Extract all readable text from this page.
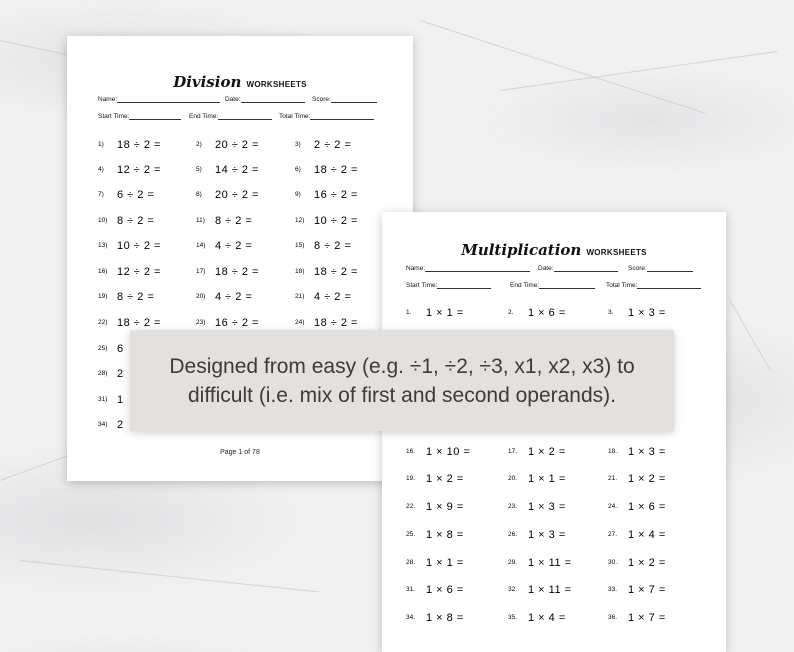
Division WORKSHEETS
Name:	Date:	Score:
Start Time:	End Time:	Total Time:
1) 18 ÷ 2 =	2) 20 ÷ 2 =	3) 2 ÷ 2 =
4) 12 ÷ 2 =	5) 14 ÷ 2 =	6) 18 ÷ 2 =
7) 6 ÷ 2 =	8) 20 ÷ 2 =	9) 16 ÷ 2 =
10) 8 ÷ 2 =	11) 8 ÷ 2 =	12) 10 ÷ 2 =
13) 10 ÷ 2 =	14) 4 ÷ 2 =	15) 8 ÷ 2 =
16) 12 ÷ 2 =	17) 18 ÷ 2 =	18) 18 ÷ 2 =
19) 8 ÷ 2 =	20) 4 ÷ 2 =	21) 4 ÷ 2 =
22) 18 ÷ 2 =	23) 16 ÷ 2 =	24) 18 ÷ 2 =
25) 6
28) 2
31) 1
34) 2
Page 1 of 78
Multiplication WORKSHEETS
Name:	Date:	Score:
Start Time:	End Time:	Total Time:
1. 1 × 1 =	2. 1 × 6 =	3. 1 × 3 =
16. 1 × 10 =	17. 1 × 2 =	18. 1 × 3 =
19. 1 × 2 =	20. 1 × 1 =	21. 1 × 2 =
22. 1 × 9 =	23. 1 × 3 =	24. 1 × 6 =
25. 1 × 8 =	26. 1 × 3 =	27. 1 × 4 =
28. 1 × 1 =	29. 1 × 11 =	30. 1 × 2 =
31. 1 × 6 =	32. 1 × 11 =	33. 1 × 7 =
34. 1 × 8 =	35. 1 × 4 =	36. 1 × 7 =
Designed from easy (e.g. ÷1, ÷2, ÷3, x1, x2, x3) to difficult (i.e. mix of first and second operands).
